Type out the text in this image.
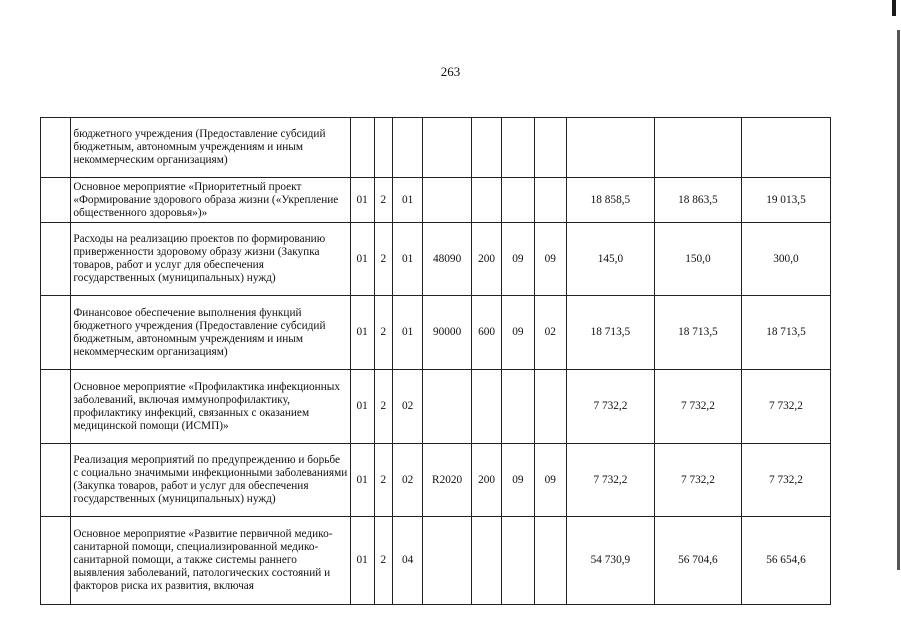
263
	бюджетного учреждения (Предоставление субсидий бюджетным, автономным учреждениям и иным некоммерческим организациям)										
	Основное мероприятие «Приоритетный проект «Формирование здорового образа жизни («Укрепление общественного здоровья»)»	01	2	01					18 858,5	18 863,5	19 013,5
	Расходы на реализацию проектов по формированию приверженности здоровому образу жизни (Закупка товаров, работ и услуг для обеспечения государственных (муниципальных) нужд)	01	2	01	48090	200	09	09	145,0	150,0	300,0
	Финансовое обеспечение выполнения функций бюджетного учреждения (Предоставление субсидий бюджетным, автономным учреждениям и иным некоммерческим организациям)	01	2	01	90000	600	09	02	18 713,5	18 713,5	18 713,5
	Основное мероприятие «Профилактика инфекционных заболеваний, включая иммунопрофилактику, профилактику инфекций, связанных с оказанием медицинской помощи (ИСМП)»	01	2	02					7 732,2	7 732,2	7 732,2
	Реализация мероприятий по предупреждению и борьбе с социально значимыми инфекционными заболеваниями (Закупка товаров, работ и услуг для обеспечения государственных (муниципальных) нужд)	01	2	02	R2020	200	09	09	7 732,2	7 732,2	7 732,2
	Основное мероприятие «Развитие первичной медико-санитарной помощи, специализированной медико-санитарной помощи, а также системы раннего выявления заболеваний, патологических состояний и факторов риска их развития, включая	01	2	04					54 730,9	56 704,6	56 654,6
